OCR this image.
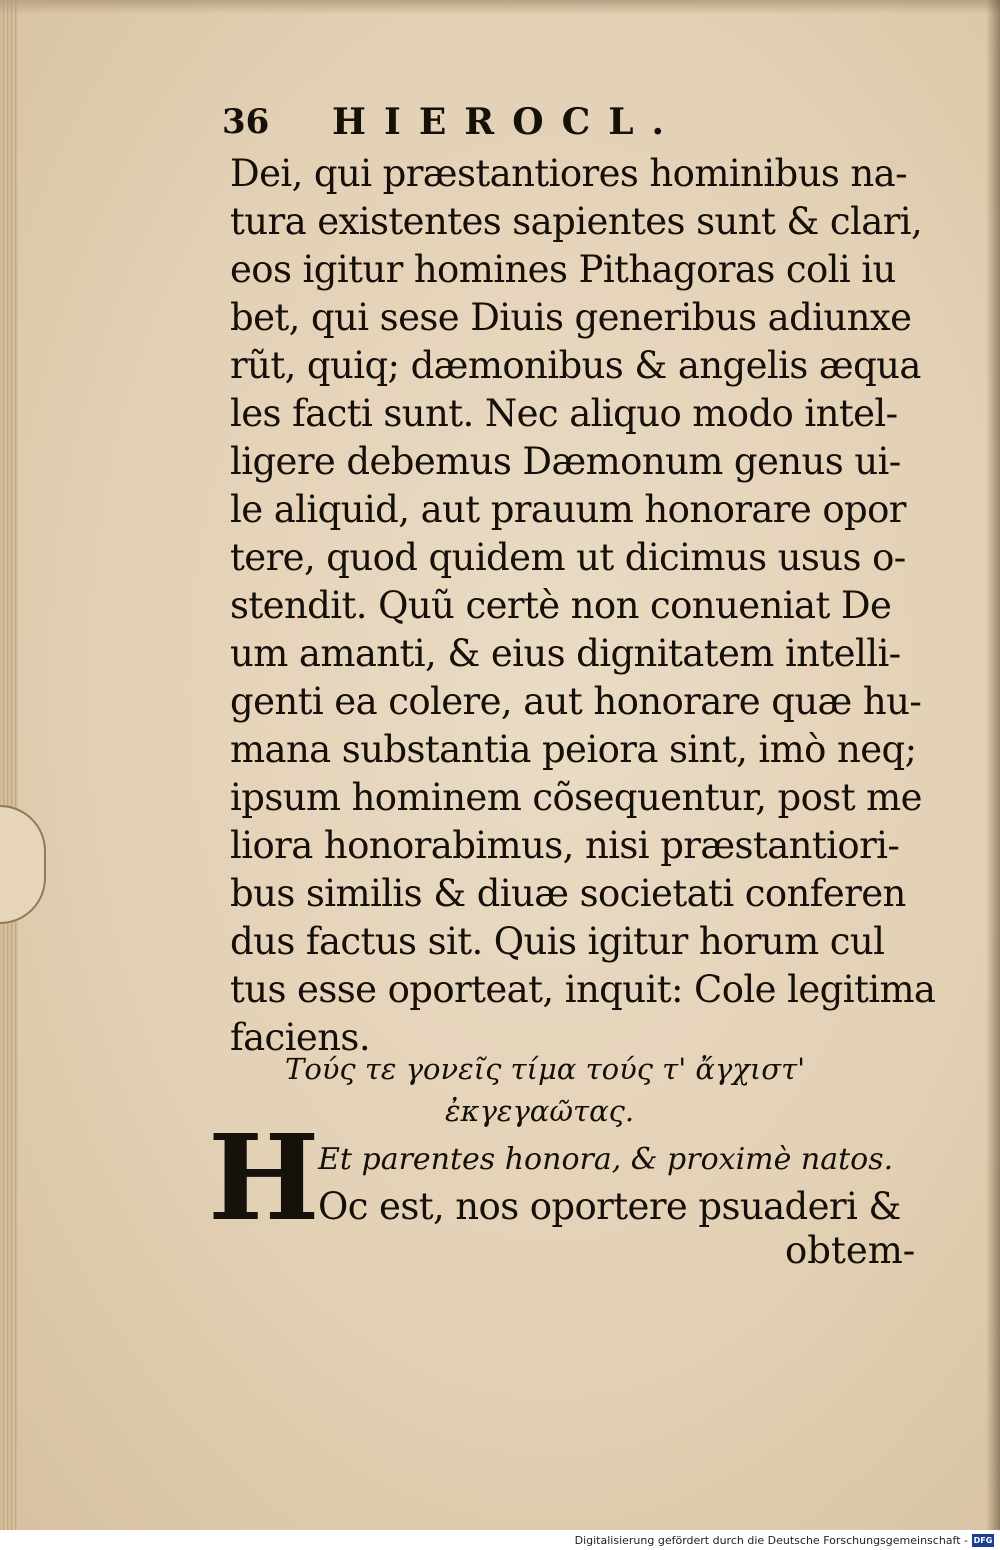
36	HIEROCL.
Dei, qui præstantiores hominibus na-
tura existentes sapientes sunt & clari,
eos igitur homines Pithagoras coli iu
bet, qui sese Diuis generibus adiunxe
rũt, quiq; dæmonibus & angelis æqua
les facti sunt. Nec aliquo modo intel-
ligere debemus Dæmonum genus ui-
le aliquid, aut prauum honorare opor
tere, quod quidem ut dicimus usus o-
stendit. Quũ certè non conueniat De
um amanti, & eius dignitatem intelli-
genti ea colere, aut honorare quæ hu-
mana substantia peiora sint, imò neq;
ipsum hominem cõsequentur, post me
liora honorabimus, nisi præstantiori-
bus similis & diuæ societati conferen
dus factus sit. Quis igitur horum cul
tus esse oporteat, inquit: Cole legitima
faciens.
Τούς τε γονεῖς τίμα τούς τ' ἄγχιστ'
ἐκγεγαῶτας.
H
Et parentes honora, & proximè natos.
Oc est, nos oportere psuaderi &
obtem-
Digitalisierung gefördert durch die Deutsche Forschungsgemeinschaft - DFG
